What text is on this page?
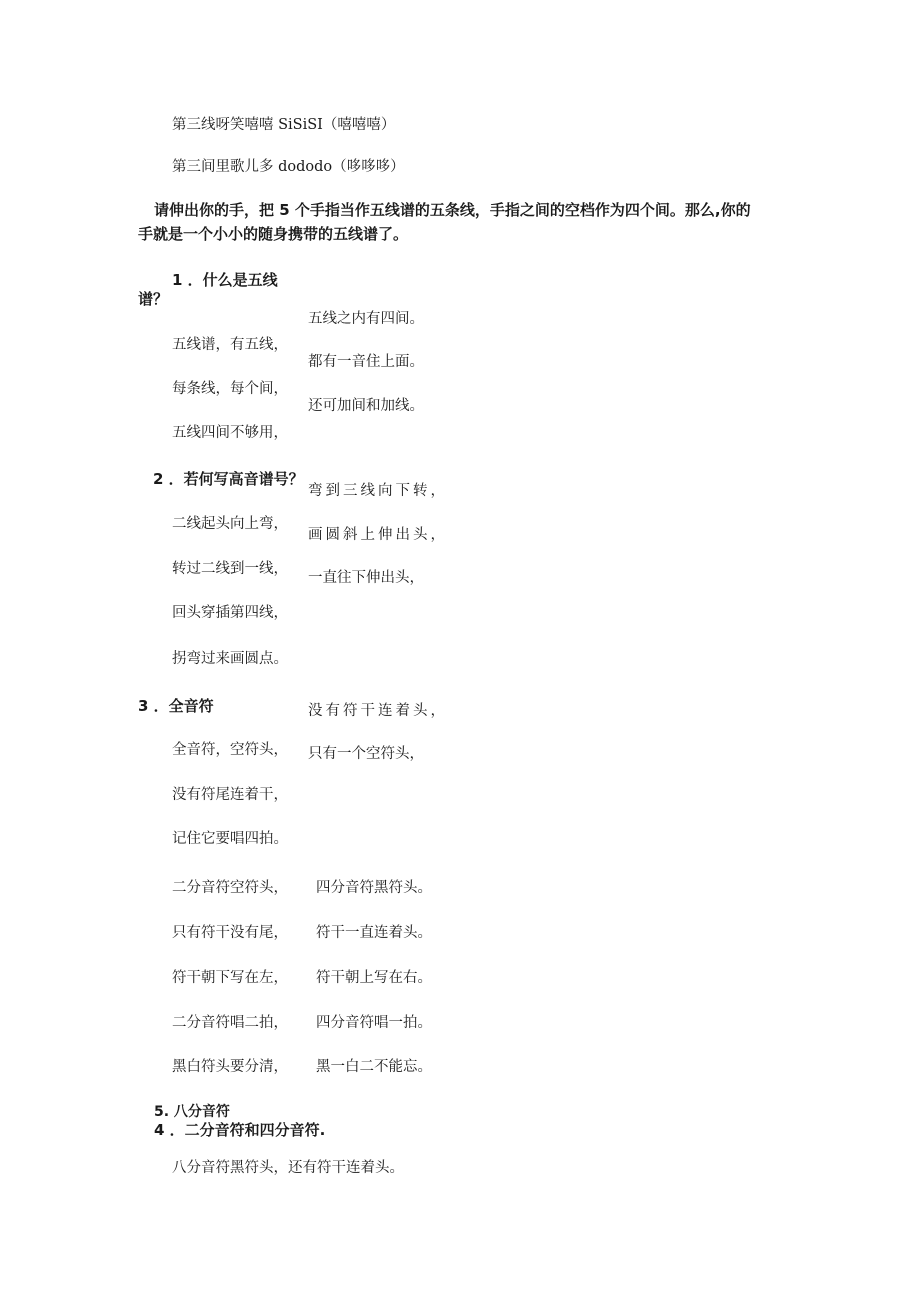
第三线呀笑嘻嘻 SiSiSI（嘻嘻嘻）
第三间里歌儿多 dododo（哆哆哆）
请伸出你的手，把 5 个手指当作五线谱的五条线，手指之间的空档作为四个间。那么,你的
手就是一个小小的随身携带的五线谱了。
1 ．什么是五线
谱？
五线之内有四间。
五线谱，有五线，
都有一音住上面。
每条线，每个间，
还可加间和加线。
五线四间不够用，
2 ．若何写高音谱号？
弯到三线向下转，
二线起头向上弯，
画圆斜上伸出头，
转过二线到一线，
一直往下伸出头，
回头穿插第四线，
拐弯过来画圆点。
3 ．全音符	没有符干连着头，
全音符，空符头， 只有一个空符头，
没有符尾连着干，
记住它要唱四拍。
二分音符空符头， 四分音符黑符头。
只有符干没有尾， 符干一直连着头。
符干朝下写在左， 符干朝上写在右。
二分音符唱二拍， 四分音符唱一拍。
黑白符头要分清， 黑一白二不能忘。
5. 八分音符
4 ．二分音符和四分音符.
八分音符黑符头，还有符干连着头。
